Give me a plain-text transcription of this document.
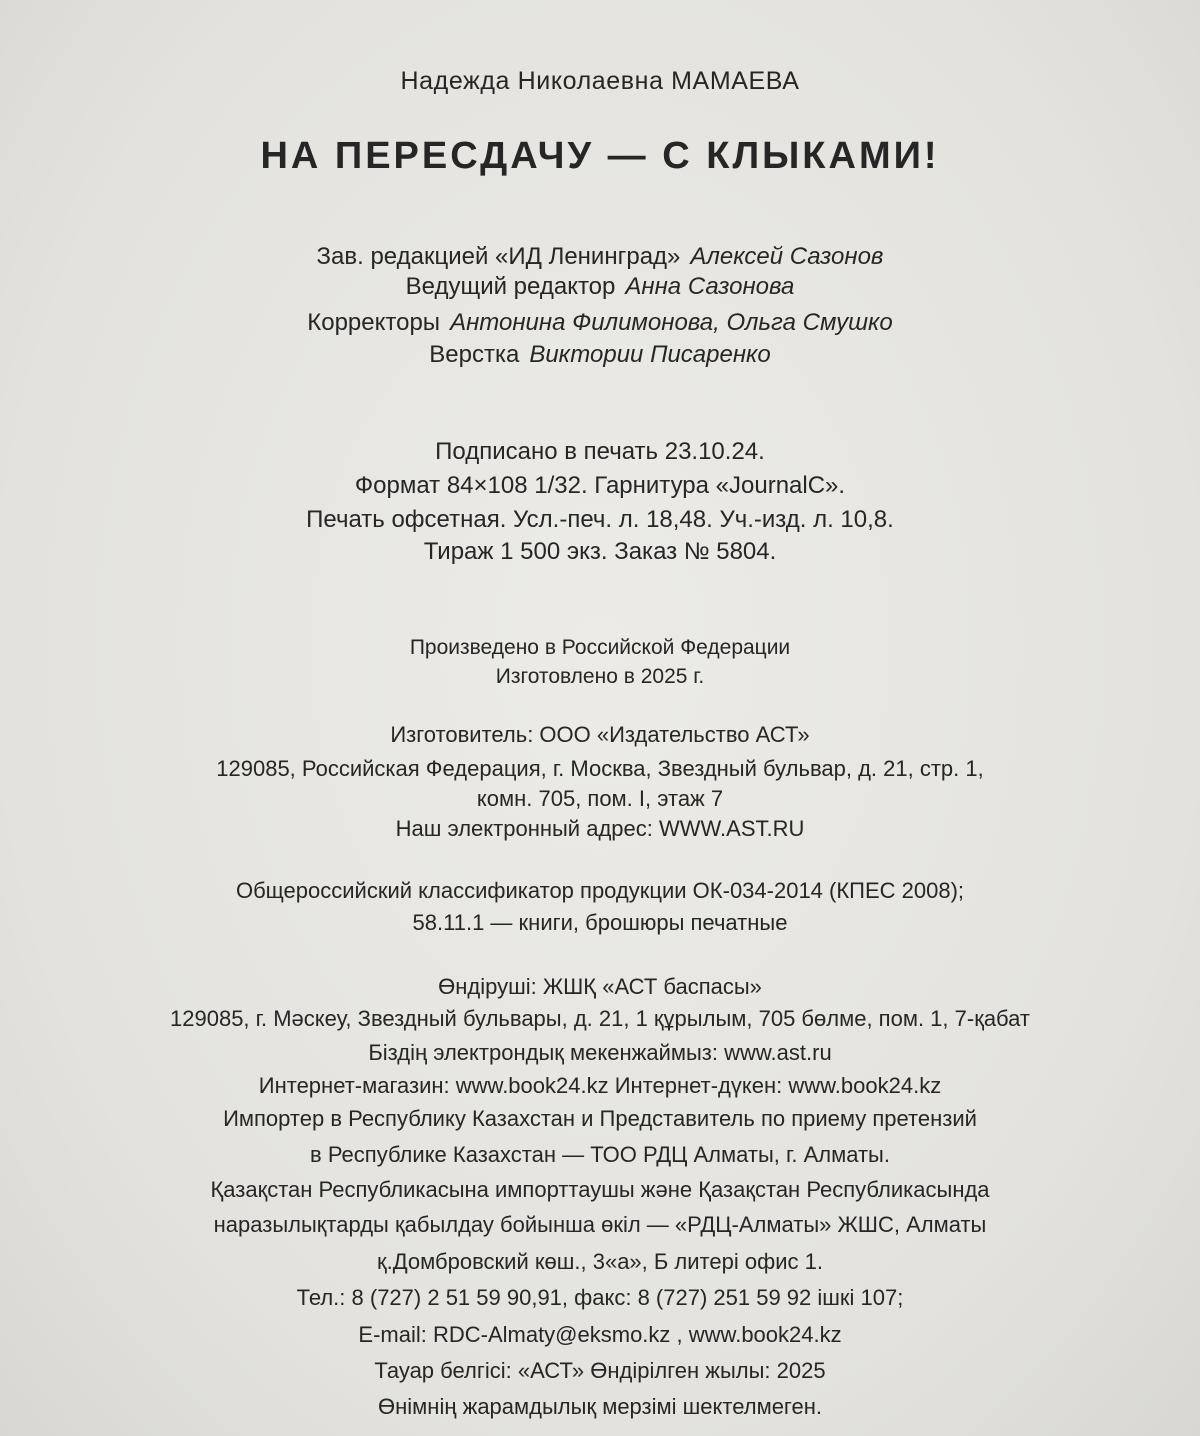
Надежда Николаевна МАМАЕВА
НА ПЕРЕСДАЧУ — С КЛЫКАМИ!
Зав. редакцией «ИД Ленинград» Алексей Сазонов
Ведущий редактор Анна Сазонова
Корректоры Антонина Филимонова, Ольга Смушко
Верстка Виктории Писаренко
Подписано в печать 23.10.24.
Формат 84×108 1/32. Гарнитура «JournalC».
Печать офсетная. Усл.-печ. л. 18,48. Уч.-изд. л. 10,8.
Тираж 1 500 экз. Заказ № 5804.
Произведено в Российской Федерации
Изготовлено в 2025 г.
Изготовитель: ООО «Издательство АСТ»
129085, Российская Федерация, г. Москва, Звездный бульвар, д. 21, стр. 1,
комн. 705, пом. I, этаж 7
Наш электронный адрес: WWW.AST.RU
Общероссийский классификатор продукции ОК-034-2014 (КПЕС 2008);
58.11.1 — книги, брошюры печатные
Өндіруші: ЖШҚ «АСТ баспасы»
129085, г. Мәскеу, Звездный бульвары, д. 21, 1 құрылым, 705 бөлме, пом. 1, 7-қабат
Біздің электрондық мекенжаймыз: www.ast.ru
Интернет-магазин: www.book24.kz Интернет-дүкен: www.book24.kz
Импортер в Республику Казахстан и Представитель по приему претензий
в Республике Казахстан — ТОО РДЦ Алматы, г. Алматы.
Қазақстан Республикасына импорттаушы және Қазақстан Республикасында
наразылықтарды қабылдау бойынша өкіл — «РДЦ-Алматы» ЖШС, Алматы
қ.Домбровский көш., 3«а», Б литері офис 1.
Тел.: 8 (727) 2 51 59 90,91, факс: 8 (727) 251 59 92 ішкі 107;
E-mail: RDC-Almaty@eksmo.kz , www.book24.kz
Тауар белгісі: «АСТ» Өндірілген жылы: 2025
Өнімнің жарамдылық мерзімі шектелмеген.
